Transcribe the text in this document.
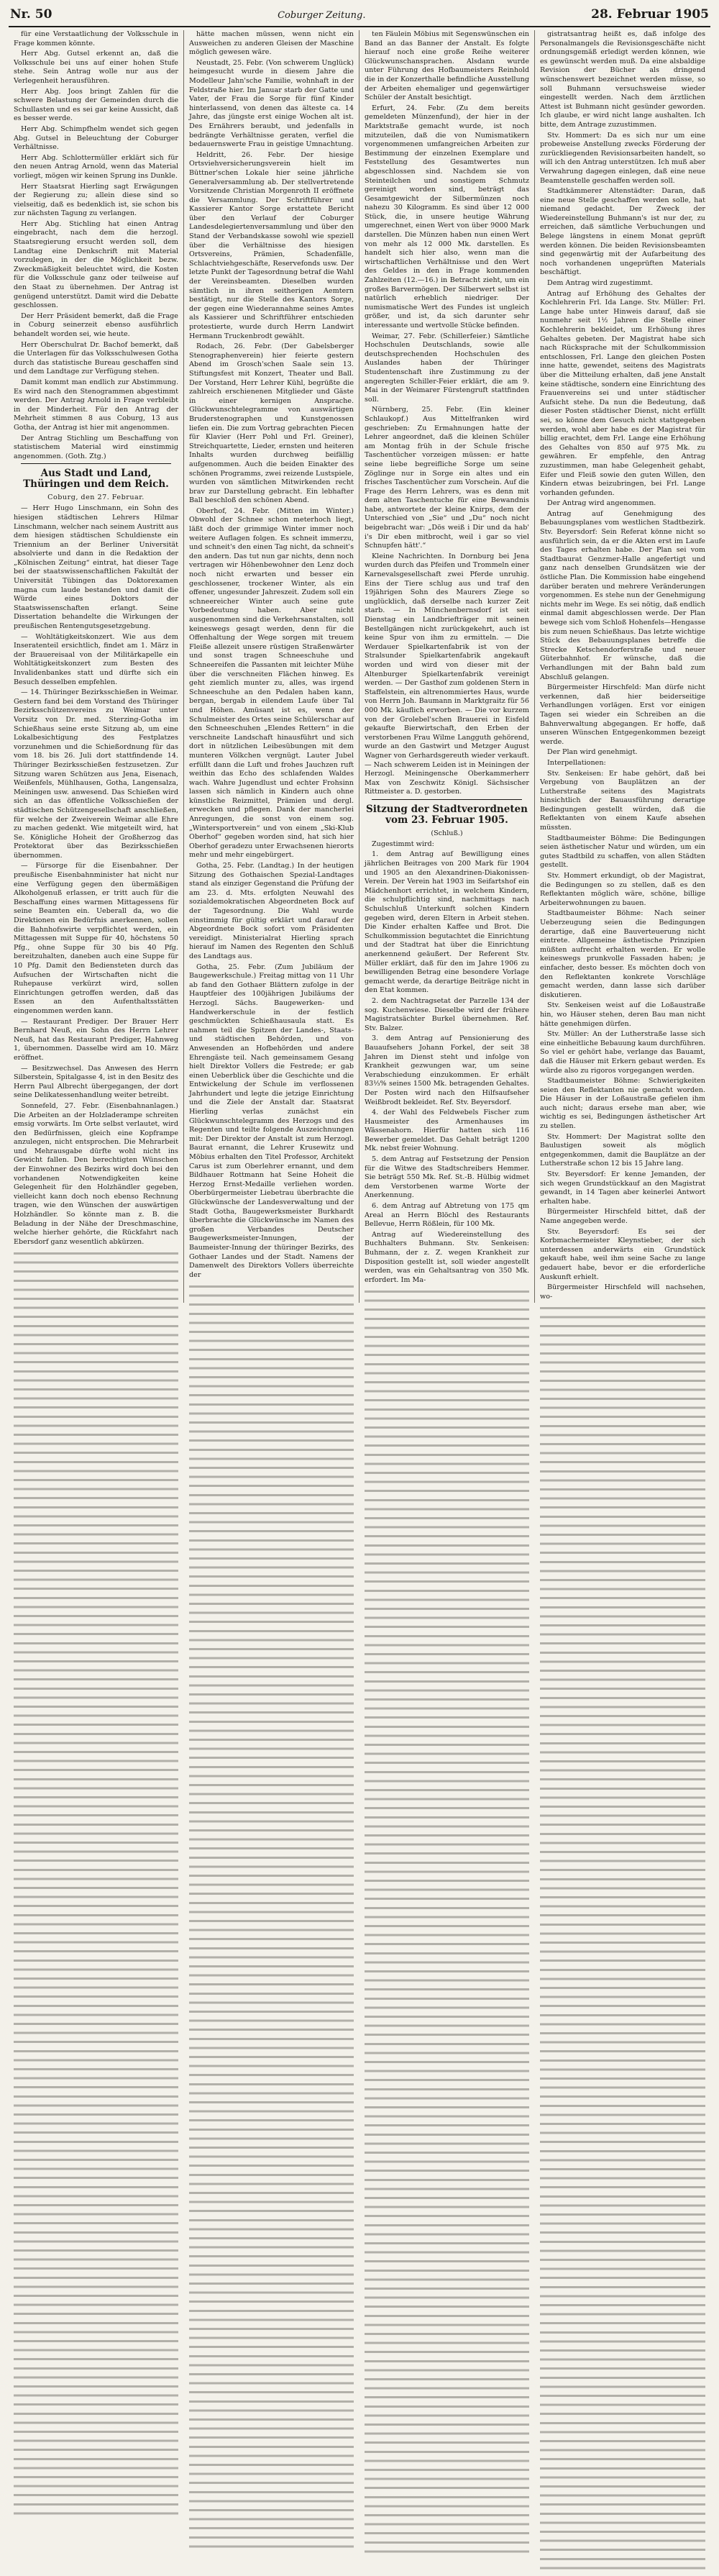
Nr. 50	Coburger Zeitung.	28. Februar 1905

für eine Verstaatlichung der Volksschule in Frage kommen könnte.

Herr Abg. Gutsel erkennt an, daß die Volksschule bei uns auf einer hohen Stufe stehe. Sein Antrag wolle nur aus der Verlegenheit herausführen.

Herr Abg. Joos bringt Zahlen für die schwere Belastung der Gemeinden durch die Schullasten und es sei gar keine Aussicht, daß es besser werde.

Herr Abg. Schimpfhelm wendet sich gegen Abg. Gutsel in Beleuchtung der Coburger Verhältnisse.

Herr Abg. Schlottermüller erklärt sich für den neuen Antrag Arnold, wenn das Material vorliegt, mögen wir keinen Sprung ins Dunkle.

Herr Staatsrat Hierling sagt Erwägungen der Regierung zu; allein diese sind so vielseitig, daß es bedenklich ist, sie schon bis zur nächsten Tagung zu verlangen.

Herr Abg. Stichling hat einen Antrag eingebracht, nach dem die herzogl. Staatsregierung ersucht werden soll, dem Landtag eine Denkschrift mit Material vorzulegen, in der die Möglichkeit bezw. Zweckmäßigkeit beleuchtet wird, die Kosten für die Volksschule ganz oder teilweise auf den Staat zu übernehmen. Der Antrag ist genügend unterstützt. Damit wird die Debatte geschlossen.

Der Herr Präsident bemerkt, daß die Frage in Coburg seinerzeit ebenso ausführlich behandelt worden sei, wie heute.

Herr Oberschulrat Dr. Bachof bemerkt, daß die Unterlagen für das Volksschulwesen Gotha durch das statistische Bureau geschaffen sind und dem Landtage zur Verfügung stehen.

Damit kommt man endlich zur Abstimmung. Es wird nach den Stenogrammen abgestimmt werden. Der Antrag Arnold in Frage verbleibt in der Minderheit. Für den Antrag der Mehrheit stimmen 8 aus Coburg, 13 aus Gotha, der Antrag ist hier mit angenommen.

Der Antrag Stichling um Beschaffung von statistischem Material wird einstimmig angenommen. (Goth. Ztg.)

Aus Stadt und Land, Thüringen und dem Reich.
Coburg, den 27. Februar.

— Herr Hugo Linschmann, ein Sohn des hiesigen städtischen Lehrers Hilmar Linschmann, welcher nach seinem Austritt aus dem hiesigen städtischen Schuldienste ein Triennium an der Berliner Universität absolvierte und dann in die Redaktion der „Kölnischen Zeitung“ eintrat, hat dieser Tage bei der staatswissenschaftlichen Fakultät der Universität Tübingen das Doktorexamen magna cum laude bestanden und damit die Würde eines Doktors der Staatswissenschaften erlangt. Seine Dissertation behandelte die Wirkungen der preußischen Rentengutsgesetzgebung.

— Wohltätigkeitskonzert. Wie aus dem Inseratenteil ersichtlich, findet am 1. März in der Brauereisaal von der Militärkapelle ein Wohltätigkeitskonzert zum Besten des Invalidenbankes statt und dürfte sich ein Besuch desselben empfehlen.

— 14. Thüringer Bezirksschießen in Weimar. Gestern fand bei dem Vorstand des Thüringer Bezirksschützenvereins zu Weimar unter Vorsitz von Dr. med. Sterzing-Gotha im Schießhaus seine erste Sitzung ab, um eine Lokalbesichtigung des Festplatzes vorzunehmen und die Schießordnung für das vom 18. bis 26. Juli dort stattfindende 14. Thüringer Bezirksschießen festzusetzen. Zur Sitzung waren Schützen aus Jena, Eisenach, Weißenfels, Mühlhausen, Gotha, Langensalza, Meiningen usw. anwesend. Das Schießen wird sich an das öffentliche Volksschießen der städtischen Schützengesellschaft anschließen, für welche der Zweiverein Weimar alle Ehre zu machen gedenkt. Wie mitgeteilt wird, hat Se. Königliche Hoheit der Großherzog das Protektorat über das Bezirksschießen übernommen.

— Fürsorge für die Eisenbahner. Der preußische Eisenbahnminister hat nicht nur eine Verfügung gegen den übermäßigen Alkoholgenuß erlassen, er tritt auch für die Beschaffung eines warmen Mittagessens für seine Beamten ein. Ueberall da, wo die Direktionen ein Bedürfnis anerkennen, sollen die Bahnhofswirte verpflichtet werden, ein Mittagessen mit Suppe für 40, höchstens 50 Pfg., ohne Suppe für 30 bis 40 Pfg. bereitzuhalten, daneben auch eine Suppe für 10 Pfg. Damit den Bediensteten durch das Aufsuchen der Wirtschaften nicht die Ruhepause verkürzt wird, sollen Einrichtungen getroffen werden, daß das Essen an den Aufenthaltsstätten eingenommen werden kann.

— Restaurant Prediger. Der Brauer Herr Bernhard Neuß, ein Sohn des Herrn Lehrer Neuß, hat das Restaurant Prediger, Hahnweg 1, übernommen. Dasselbe wird am 10. März eröffnet.

— Besitzwechsel. Das Anwesen des Herrn Silberstein, Spitalgasse 4, ist in den Besitz des Herrn Paul Albrecht übergegangen, der dort seine Delikatessenhandlung weiter betreibt.

Sonnefeld, 27. Febr. (Eisenbahnanlagen.) Die Arbeiten an der Holzladerampe schreiten emsig vorwärts. Im Orte selbst verlautet, wird den Bedürfnissen, gleich eine Kopframpe anzulegen, nicht entsprochen. Die Mehrarbeit und Mehrausgabe dürfte wohl nicht ins Gewicht fallen. Den berechtigten Wünschen der Einwohner des Bezirks wird doch bei den vorhandenen Notwendigkeiten keine Gelegenheit für den Holzhändler gegeben, vielleicht kann doch noch ebenso Rechnung tragen, wie den Wünschen der auswärtigen Holzhändler. So könnte man z. B. die Beladung in der Nähe der Dreschmaschine, welche hierher gehörte, die Rückfahrt nach Ebersdorf ganz wesentlich abkürzen.

hätte machen müssen, wenn nicht ein Ausweichen zu anderen Gleisen der Maschine möglich gewesen wäre.

Neustadt, 25. Febr. (Von schwerem Unglück) heimgesucht wurde in diesem Jahre die Modelleur Jahn'sche Familie, wohnhaft in der Feldstraße hier. Im Januar starb der Gatte und Vater, der Frau die Sorge für fünf Kinder hinterlassend, von denen das älteste ca. 14 Jahre, das jüngste erst einige Wochen alt ist. Des Ernährers beraubt, und jedenfalls in bedrängte Verhältnisse geraten, verfiel die bedauernswerte Frau in geistige Umnachtung.

Heldritt, 26. Febr. Der hiesige Ortsviehversicherungsverein hielt im Büttner'schen Lokale hier seine jährliche Generalversammlung ab. Der stellvertretende Vorsitzende Christian Morgenroth II eröffnete die Versammlung. Der Schriftführer und Kassierer Kantor Sorge erstattete Bericht über den Verlauf der Coburger Landesdelegiertenversammlung und über den Stand der Verbandskasse sowohl wie speziell über die Verhältnisse des hiesigen Ortsvereins, Prämien, Schadenfälle, Schlachtviehgeschäfte, Reservefonds usw. Der letzte Punkt der Tagesordnung betraf die Wahl der Vereinsbeamten. Dieselben wurden sämtlich in ihren seitherigen Aemtern bestätigt, nur die Stelle des Kantors Sorge, der gegen eine Wiederannahme seines Amtes als Kassierer und Schriftführer entschieden protestierte, wurde durch Herrn Landwirt Hermann Truckenbrodt gewählt.

Rodach, 26. Febr. (Der Gabelsberger Stenographenverein) hier feierte gestern Abend im Grosch'schen Saale sein 13. Stiftungsfest mit Konzert, Theater und Ball. Der Vorstand, Herr Lehrer Kühl, begrüßte die zahlreich erschienenen Mitglieder und Gäste in einer kernigen Ansprache. Glückwunschtelegramme von auswärtigen Bruderstenographen und Kunstgenossen liefen ein. Die zum Vortrag gebrachten Piecen für Klavier (Herr Pohl und Frl. Greiner), Streichquartette, Lieder, ernsten und heiteren Inhalts wurden durchweg beifällig aufgenommen. Auch die beiden Einakter des schönen Programms, zwei reizende Lustspiele, wurden von sämtlichen Mitwirkenden recht brav zur Darstellung gebracht. Ein lebhafter Ball beschloß den schönen Abend.

Oberhof, 24. Febr. (Mitten im Winter.) Obwohl der Schnee schon meterhoch liegt, läßt doch der grimmige Winter immer noch weitere Auflagen folgen. Es schneit immerzu, und schneit's den einen Tag nicht, da schneit's den andern. Das tut nun gar nichts, denn noch vertragen wir Höhenbewohner den Lenz doch noch nicht erwarten und besser ein geschlossener, trockener Winter, als ein offener, ungesunder Jahreszeit. Zudem soll ein schneereicher Winter auch seine gute Vorbedeutung haben. Aber nicht ausgenommen sind die Verkehrsanstalten, soll keineswegs gesagt werden, denn für die Offenhaltung der Wege sorgen mit treuem Fleiße allezeit unsere rüstigen Straßenwärter und sonst tragen Schneeschuhe und Schneereifen die Passanten mit leichter Mühe über die verschneiten Flächen hinweg. Es geht ziemlich munter zu, alles, was irgend Schneeschuhe an den Pedalen haben kann, bergan, bergab in eilendem Laufe über Tal und Höhen. Amüsant ist es, wenn der Schulmeister des Ortes seine Schülerschar auf den Schneeschuhen „Elendes Rettern“ in die verschneite Landschaft hinausführt und sich dort in nützlichen Leibesübungen mit dem munteren Völkchen vergnügt. Lauter Jubel erfüllt dann die Luft und frohes Jauchzen ruft weithin das Echo des schlafenden Waldes wach. Wahre Jugendlust und echter Frohsinn lassen sich nämlich in Kindern auch ohne künstliche Reizmittel, Prämien und dergl. erwecken und pflegen. Dank der mancherlei Anregungen, die sonst von einem sog. „Wintersportverein“ und von einem „Ski-Klub Oberhof“ gegeben worden sind, hat sich hier Oberhof geradezu unter Erwachsenen hierorts mehr und mehr eingebürgert.

Gotha, 25. Febr. (Landtag.) In der heutigen Sitzung des Gothaischen Spezial-Landtages stand als einziger Gegenstand die Prüfung der am 23. d. Mts. erfolgten Neuwahl des sozialdemokratischen Abgeordneten Bock auf der Tagesordnung. Die Wahl wurde einstimmig für gültig erklärt und darauf der Abgeordnete Bock sofort vom Präsidenten vereidigt. Ministerialrat Hierling sprach hierauf im Namen des Regenten den Schluß des Landtags aus.

Gotha, 25. Febr. (Zum Jubiläum der Baugewerkschule.) Freitag mittag von 11 Uhr ab fand den Gothaer Blättern zufolge in der Hauptfeier des 100jährigen Jubiläums der Herzogl. Sächs. Baugewerken- und Handwerkerschule in der festlich geschmückten Schießhausaula statt. Es nahmen teil die Spitzen der Landes-, Staats- und städtischen Behörden, und von Anwesenden an Hofbehörden und andere Ehrengäste teil. Nach gemeinsamem Gesang hielt Direktor Vollers die Festrede; er gab einen Ueberblick über die Geschichte und die Entwickelung der Schule im verflossenen Jahrhundert und legte die jetzige Einrichtung und die Ziele der Anstalt dar. Staatsrat Hierling verlas zunächst ein Glückwunschtelegramm des Herzogs und des Regenten und teilte folgende Auszeichnungen mit: Der Direktor der Anstalt ist zum Herzogl. Baurat ernannt, die Lehrer Krusewitz und Möbius erhalten den Titel Professor, Architekt Carus ist zum Oberlehrer ernannt, und dem Bildhauer Rottmann hat Seine Hoheit die Herzog Ernst-Medaille verliehen worden. Oberbürgermeister Liebetrau überbrachte die Glückwünsche der Landesverwaltung und der Stadt Gotha, Baugewerksmeister Burkhardt überbrachte die Glückwünsche im Namen des großen Verbandes Deutscher Baugewerksmeister-Innungen, der Baumeister-Innung der thüringer Bezirks, des Gothaer Landes und der Stadt. Namens der Damenwelt des Direktors Vollers überreichte der

ten Fäulein Möbius mit Segenswünschen ein Band an das Banner der Anstalt. Es folgte hierauf noch eine große Reihe weiterer Glückwunschansprachen. Alsdann wurde unter Führung des Hofbaumeisters Reinhold die in der Konzerthalle befindliche Ausstellung der Arbeiten ehemaliger und gegenwärtiger Schüler der Anstalt besichtigt.

Erfurt, 24. Febr. (Zu dem bereits gemeldeten Münzenfund), der hier in der Marktstraße gemacht wurde, ist noch mitzuteilen, daß die von Numismatikern vorgenommenen umfangreichen Arbeiten zur Bestimmung der einzelnen Exemplare und Feststellung des Gesamtwertes nun abgeschlossen sind. Nachdem sie von Steinteilchen und sonstigem Schmutz gereinigt worden sind, beträgt das Gesamtgewicht der Silbermünzen noch nahezu 30 Kilogramm. Es sind über 12 000 Stück, die, in unsere heutige Währung umgerechnet, einen Wert von über 9000 Mark darstellen. Die Münzen haben nun einen Wert von mehr als 12 000 Mk. darstellen. Es handelt sich hier also, wenn man die wirtschaftlichen Verhältnisse und den Wert des Geldes in den in Frage kommenden Zahlzeiten (12.—16.) in Betracht zieht, um ein großes Barvermögen. Der Silberwert selbst ist natürlich erheblich niedriger. Der numismatische Wert des Fundes ist ungleich größer, und ist, da sich darunter sehr interessante und wertvolle Stücke befinden.

Weimar, 27. Febr. (Schillerfeier.) Sämtliche Hochschulen Deutschlands, sowie alle deutschsprechenden Hochschulen des Auslandes haben der Thüringer Studentenschaft ihre Zustimmung zu der angeregten Schiller-Feier erklärt, die am 9. Mai in der Weimarer Fürstengruft stattfinden soll.

Nürnberg, 25. Febr. (Ein kleiner Schlaukopf.) Aus Mittelfranken wird geschrieben: Zu Ermahnungen hatte der Lehrer angeordnet, daß die kleinen Schüler am Montag früh in der Schule frische Taschentücher vorzeigen müssen: er hatte seine liebe begreifliche Sorge um seine Zöglinge nur in Sorge ein altes und ein frisches Taschentücher zum Vorschein. Auf die Frage des Herrn Lehrers, was es denn mit dem alten Taschentuche für eine Bewandnis habe, antwortete der kleine Knirps, dem der Unterschied von „Sie“ und „Du“ noch nicht beigebracht war: „Dös weiß i Dir und da hab' i's Dir eben mitbrocht, weil i gar so viel Schnupfen hätt'.“

Kleine Nachrichten. In Dornburg bei Jena wurden durch das Pfeifen und Trommeln einer Karnevalsgesellschaft zwei Pferde unruhig. Eins der Tiere schlug aus und traf den 19jährigen Sohn des Maurers Ziege so unglücklich, daß derselbe nach kurzer Zeit starb. — In Münchenbernsdorf ist seit Dienstag ein Landbriefträger mit seinen Bestellgängen nicht zurückgekehrt, auch ist keine Spur von ihm zu ermitteln. — Die Werdauer Spielkartenfabrik ist von der Stralsunder Spielkartenfabrik angekauft worden und wird von dieser mit der Altenburger Spielkartenfabrik vereinigt werden. — Der Gasthof zum goldenen Stern in Staffelstein, ein altrenommiertes Haus, wurde von Herrn Joh. Baumann in Marktgraitz für 56 000 Mk. käuflich erworben. — Die vor kurzem von der Grolebel'schen Brauerei in Eisfeld gekaufte Bierwirtschaft, den Erben der verstorbenen Frau Wilme Langguth gehörend, wurde an den Gastwirt und Metzger August Wagner von Gerhardsgereuth wieder verkauft. — Nach schwerem Leiden ist in Meiningen der Herzogl. Meiningensche Oberkammerherr Max von Zeschwitz Königl. Sächsischer Rittmeister a. D. gestorben.

Sitzung der Stadtverordneten vom 23. Februar 1905.
(Schluß.)

Zugestimmt wird:

1. dem Antrag auf Bewilligung eines jährlichen Beitrages von 200 Mark für 1904 und 1905 an den Alexandrinen-Diakonissen-Verein. Der Verein hat 1903 im Seifartshof ein Mädchenhort errichtet, in welchem Kindern, die schulpflichtig sind, nachmittags nach Schulschluß Unterkunft solchen Kindern gegeben wird, deren Eltern in Arbeit stehen. Die Kinder erhalten Kaffee und Brot. Die Schulkommission begutachtet die Einrichtung und der Stadtrat hat über die Einrichtung anerkennend geäußert. Der Referent Stv. Müller erklärt, daß für den im Jahre 1906 zu bewilligenden Betrag eine besondere Vorlage gemacht werde, da derartige Beiträge nicht in den Etat kommen.

2. dem Nachtragsetat der Parzelle 134 der sog. Kuchenwiese. Dieselbe wird der frühere Magistratsächter Burkel übernehmen. Ref. Stv. Balzer.

3. dem Antrag auf Pensionierung des Bauaufsehers Johann Forkel, der seit 38 Jahren im Dienst steht und infolge von Krankheit gezwungen war, um seine Verabschiedung einzukommen. Er erhält 83⅓% seines 1500 Mk. betragenden Gehaltes. Der Posten wird nach den Hilfsaufseher Weißbrodt bekleidet. Ref. Stv. Beyersdorf.

4. der Wahl des Feldwebels Fischer zum Hausmeister des Armenhauses im Wässenahorn. Hierfür hatten sich 116 Bewerber gemeldet. Das Gehalt beträgt 1200 Mk. nebst freier Wohnung.

5. dem Antrag auf Festsetzung der Pension für die Witwe des Stadtschreibers Hemmer. Sie beträgt 550 Mk. Ref. St.-B. Hülbig widmet dem Verstorbenen warme Worte der Anerkennung.

6. dem Antrag auf Abtretung von 175 qm Areal an Herrn Blöchl des Restaurants Bellevue, Herrn Rößlein, für 100 Mk.

Antrag auf Wiedereinstellung des Buchhalters Buhmann. Stv. Senkeisen: Buhmann, der z. Z. wegen Krankheit zur Disposition gestellt ist, soll wieder angestellt werden, was ein Gehaltsantrag von 350 Mk. erfordert. Im Ma-

gistratsantrag heißt es, daß infolge des Personalmangels die Revisionsgeschäfte nicht ordnungsgemäß erledigt werden können, wie es gewünscht werden muß. Da eine alsbaldige Revision der Bücher als dringend wünschenswert bezeichnet werden müsse, so soll Buhmann versuchsweise wieder eingestellt werden. Nach dem ärztlichen Attest ist Buhmann nicht gesünder geworden. Ich glaube, er wird nicht lange aushalten. Ich bitte, dem Antrage zuzustimmen.

Stv. Hommert: Da es sich nur um eine probeweise Anstellung zwecks Förderung der zurückliegenden Revisionsarbeiten handelt, so will ich den Antrag unterstützen. Ich muß aber Verwahrung dagegen einlegen, daß eine neue Beamtenstelle geschaffen werden soll.

Stadtkämmerer Altenstädter: Daran, daß eine neue Stelle geschaffen werden solle, hat niemand gedacht. Der Zweck der Wiedereinstellung Buhmann's ist nur der, zu erreichen, daß sämtliche Verbuchungen und Belege längstens in einem Monat geprüft werden können. Die beiden Revisionsbeamten sind gegenwärtig mit der Aufarbeitung des noch vorhandenen ungeprüften Materials beschäftigt.

Dem Antrag wird zugestimmt.

Antrag auf Erhöhung des Gehaltes der Kochlehrerin Frl. Ida Lange. Stv. Müller: Frl. Lange habe unter Hinweis darauf, daß sie nunmehr seit 1½ Jahren die Stelle einer Kochlehrerin bekleidet, um Erhöhung ihres Gehaltes gebeten. Der Magistrat habe sich nach Rücksprache mit der Schulkommission entschlossen, Frl. Lange den gleichen Posten inne hatte, gewendet, seitens des Magistrats über die Mitteilung erhalten, daß jene Anstalt keine städtische, sondern eine Einrichtung des Frauenvereins sei und unter städtischer Aufsicht stehe. Da nun die Bedeutung, daß dieser Posten städtischer Dienst, nicht erfüllt sei, so könne dem Gesuch nicht stattgegeben werden, wohl aber habe es der Magistrat für billig erachtet, dem Frl. Lange eine Erhöhung des Gehaltes von 850 auf 975 Mk. zu gewähren. Er empfehle, den Antrag zuzustimmen, man habe Gelegenheit gehabt, Eifer und Fleiß sowie den guten Willen, den Kindern etwas beizubringen, bei Frl. Lange vorhanden gefunden.

Der Antrag wird angenommen.

Antrag auf Genehmigung des Bebauungsplanes vom westlichen Stadtbezirk. Stv. Beyersdorf: Sein Referat könne nicht so ausführlich sein, da er die Akten erst im Laufe des Tages erhalten habe. Der Plan sei vom Stadtbaurat Genzmer-Halle angefertigt und ganz nach denselben Grundsätzen wie der östliche Plan. Die Kommission habe eingehend darüber beraten und mehrere Veränderungen vorgenommen. Es stehe nun der Genehmigung nichts mehr im Wege. Es sei nötig, daß endlich einmal damit abgeschlossen werde. Der Plan bewege sich vom Schloß Hohenfels—Hengasse bis zum neuen Schießhaus. Das letzte wichtige Stück des Bebauungsplanes betreffe die Strecke Ketschendorferstraße und neuer Güterbahnhof. Er wünsche, daß die Verhandlungen mit der Bahn bald zum Abschluß gelangen.

Bürgermeister Hirschfeld: Man dürfe nicht verkennen, daß hier beiderseitige Verhandlungen vorlägen. Erst vor einigen Tagen sei wieder ein Schreiben an die Bahnverwaltung abgegangen. Er hoffe, daß unseren Wünschen Entgegenkommen bezeigt werde.

Der Plan wird genehmigt.

Interpellationen:

Stv. Senkeisen: Er habe gehört, daß bei Vergebung von Bauplätzen an der Lutherstraße seitens des Magistrats hinsichtlich der Bauausführung derartige Bedingungen gestellt würden, daß die Reflektanten von einem Kaufe absehen müssten.

Stadtbaumeister Böhme: Die Bedingungen seien ästhetischer Natur und würden, um ein gutes Stadtbild zu schaffen, von allen Städten gestellt.

Stv. Hommert erkundigt, ob der Magistrat, die Bedingungen so zu stellen, daß es den Reflektanten möglich wäre, schöne, billige Arbeiterwohnungen zu bauen.

Stadtbaumeister Böhme: Nach seiner Ueberzeugung seien die Bedingungen derartige, daß eine Bauverteuerung nicht eintrete. Allgemeine ästhetische Prinzipien müßten aufrecht erhalten werden. Er wolle keineswegs prunkvolle Fassaden haben; je einfacher, desto besser. Es möchten doch von den Reflektanten konkrete Vorschläge gemacht werden, dann lasse sich darüber diskutieren.

Stv. Senkeisen weist auf die Loßaustraße hin, wo Häuser stehen, deren Bau man nicht hätte genehmigen dürfen.

Stv. Müller: An der Lutherstraße lasse sich eine einheitliche Bebauung kaum durchführen. So viel er gehört habe, verlange das Bauamt, daß die Häuser mit Erkern gebaut werden. Es würde also zu rigoros vorgegangen werden.

Stadtbaumeister Böhme: Schwierigkeiten seien den Reflektanten nie gemacht worden. Die Häuser in der Loßaustraße gefielen ihm auch nicht; daraus ersehe man aber, wie wichtig es sei, Bedingungen ästhetischer Art zu stellen.

Stv. Hommert: Der Magistrat sollte den Baulustigen soweit als möglich entgegenkommen, damit die Bauplätze an der Lutherstraße schon 12 bis 15 Jahre lang.

Stv. Beyersdorf: Er kenne Jemanden, der sich wegen Grundstückkauf an den Magistrat gewandt, in 14 Tagen aber keinerlei Antwort erhalten habe.

Bürgermeister Hirschfeld bittet, daß der Name angegeben werde.

Stv. Beyersdorf: Es sei der Korbmachermeister Kleynstieber, der sich unterdessen anderwärts ein Grundstück gekauft habe, weil ihm seine Sache zu lange gedauert habe, bevor er die erforderliche Auskunft erhielt.

Bürgermeister Hirschfeld will nachsehen, wo-
